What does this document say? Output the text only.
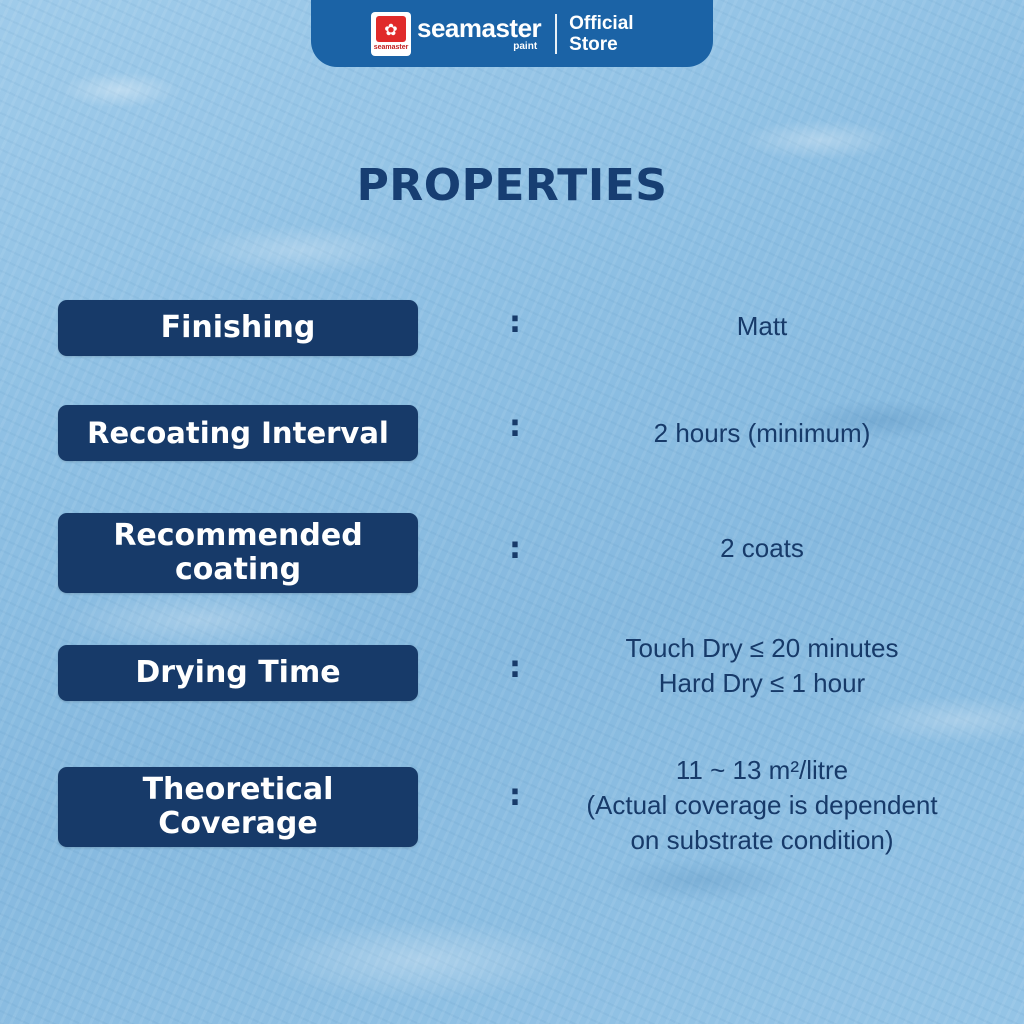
✿
seamaster
seamaster
paint
Official
Store
PROPERTIES
Finishing	:	Matt
Recoating Interval	:	2 hours (minimum)
Recommended
coating
:	2 coats
Drying Time	:
Touch Dry ≤ 20 minutes
Hard Dry ≤ 1 hour
Theoretical
Coverage
:
11 ~ 13 m²/litre
(Actual coverage is dependent
on substrate condition)
